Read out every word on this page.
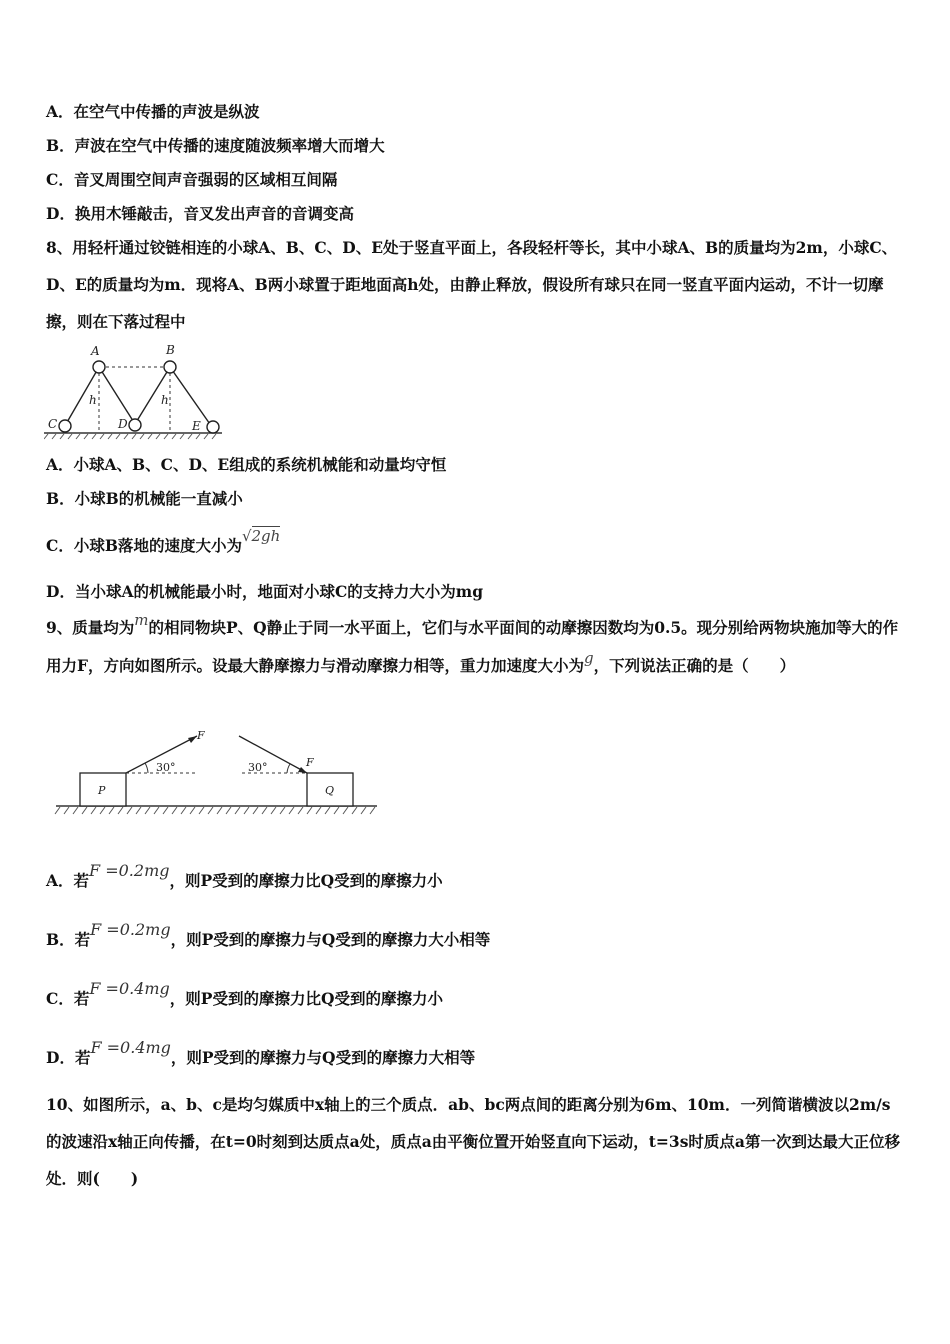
A．在空气中传播的声波是纵波
B．声波在空气中传播的速度随波频率增大而增大
C．音叉周围空间声音强弱的区域相互间隔
D．换用木锤敲击，音叉发出声音的音调变高
8、用轻杆通过铰链相连的小球A、B、C、D、E处于竖直平面上，各段轻杆等长，其中小球A、B的质量均为2m，小球C、D、E的质量均为m．现将A、B两小球置于距地面高h处，由静止释放，假设所有球只在同一竖直平面内运动，不计一切摩擦，则在下落过程中
A	B
C	D	E
h	h
A．小球A、B、C、D、E组成的系统机械能和动量均守恒
B．小球B的机械能一直减小
C．小球B落地的速度大小为√2gh
D．当小球A的机械能最小时，地面对小球C的支持力大小为mg
9、质量均为m的相同物块P、Q静止于同一水平面上，它们与水平面间的动摩擦因数均为0.5。现分别给两物块施加等大的作用力F，方向如图所示。设最大静摩擦力与滑动摩擦力相等，重力加速度大小为g，下列说法正确的是（　　）
P	Q
F
F
30°	30°
A．若F =0.2mg，则P受到的摩擦力比Q受到的摩擦力小
B．若F =0.2mg，则P受到的摩擦力与Q受到的摩擦力大小相等
C．若F =0.4mg，则P受到的摩擦力比Q受到的摩擦力小
D．若F =0.4mg，则P受到的摩擦力与Q受到的摩擦力大相等
10、如图所示，a、b、c是均匀媒质中x轴上的三个质点．ab、bc两点间的距离分别为6m、10m．一列简谐横波以2m/s的波速沿x轴正向传播，在t=0时刻到达质点a处，质点a由平衡位置开始竖直向下运动，t=3s时质点a第一次到达最大正位移处．则(　　)
